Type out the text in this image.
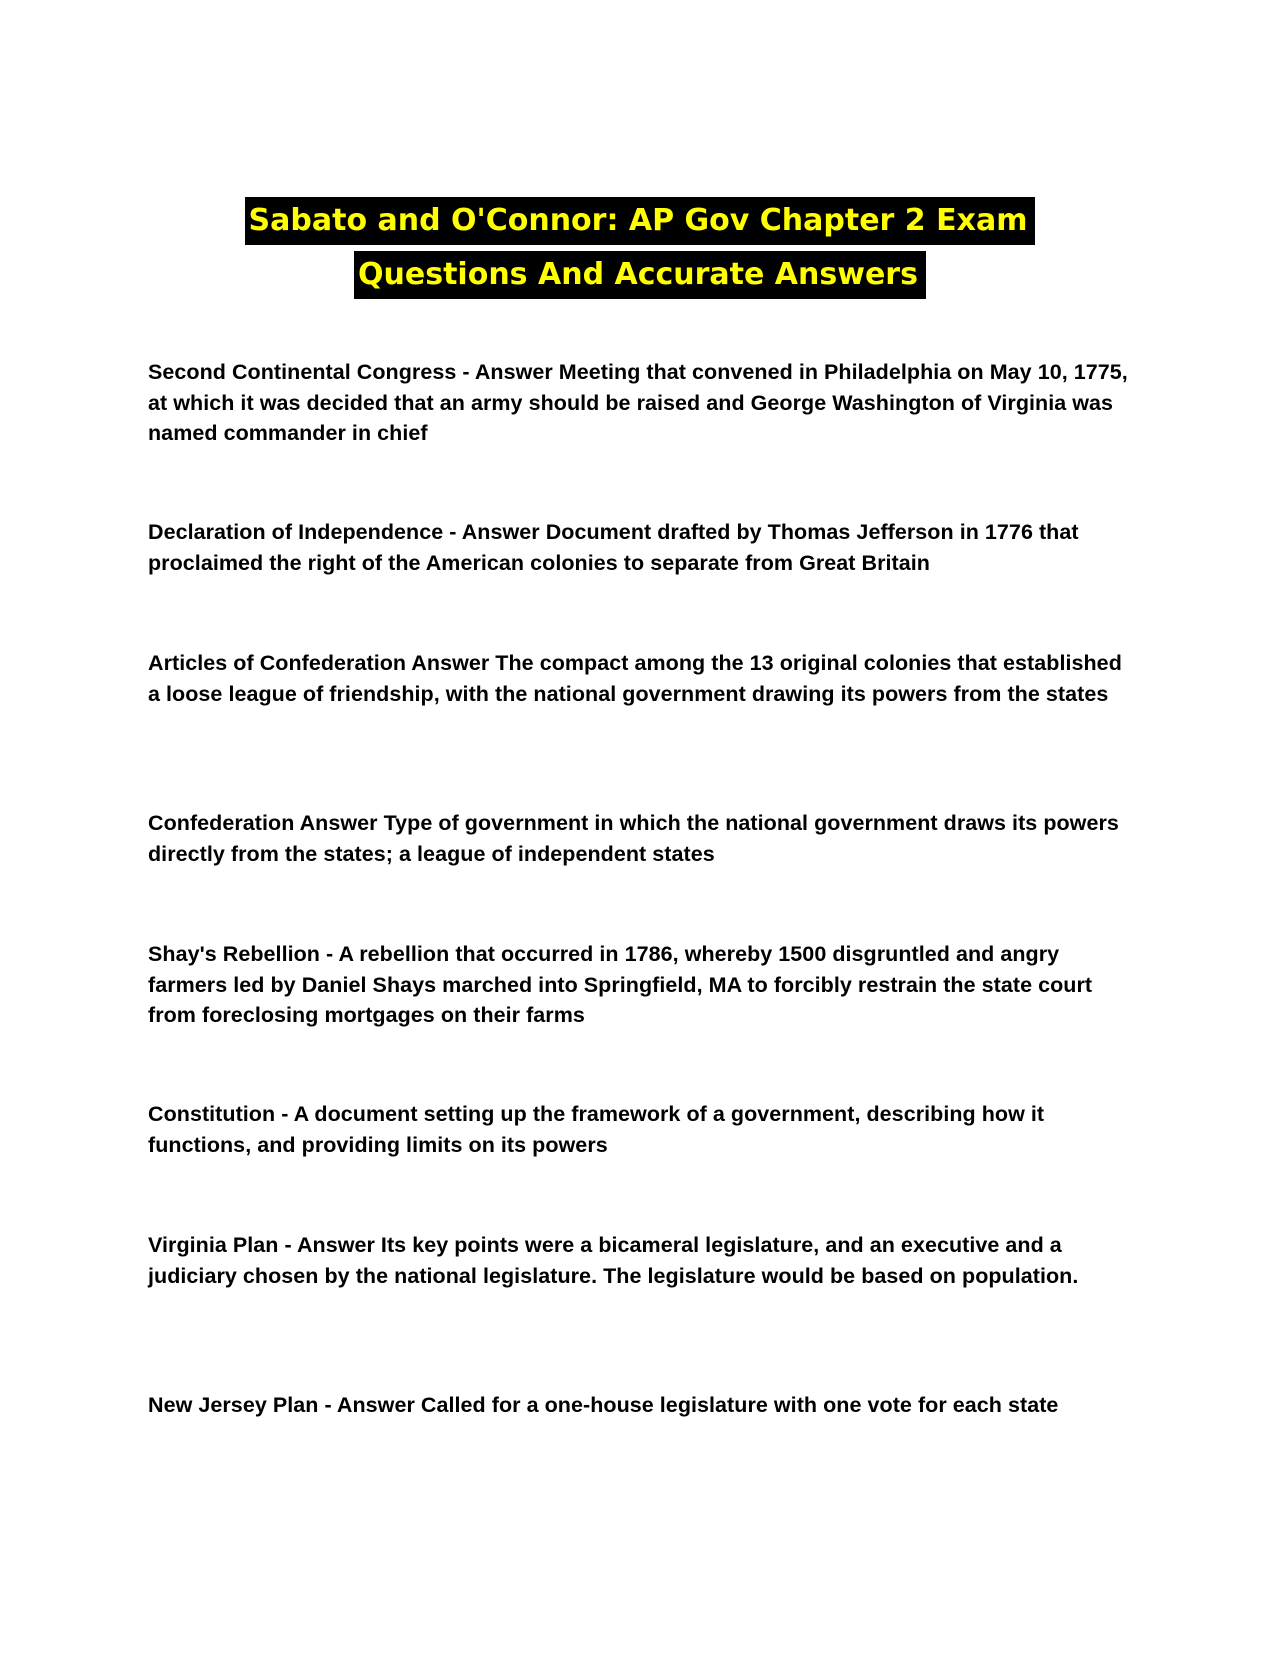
Sabato and O'Connor: AP Gov Chapter 2 Exam
Questions And Accurate Answers

Second Continental Congress - Answer Meeting that convened in Philadelphia on May 10, 1775, at which it was decided that an army should be raised and George Washington of Virginia was named commander in chief

Declaration of Independence - Answer Document drafted by Thomas Jefferson in 1776 that proclaimed the right of the American colonies to separate from Great Britain

Articles of Confederation Answer The compact among the 13 original colonies that established a loose league of friendship, with the national government drawing its powers from the states

Confederation Answer Type of government in which the national government draws its powers directly from the states; a league of independent states

Shay's Rebellion - A rebellion that occurred in 1786, whereby 1500 disgruntled and angry farmers led by Daniel Shays marched into Springfield, MA to forcibly restrain the state court from foreclosing mortgages on their farms

Constitution - A document setting up the framework of a government, describing how it functions, and providing limits on its powers

Virginia Plan - Answer Its key points were a bicameral legislature, and an executive and a judiciary chosen by the national legislature. The legislature would be based on population.

New Jersey Plan - Answer Called for a one-house legislature with one vote for each state
